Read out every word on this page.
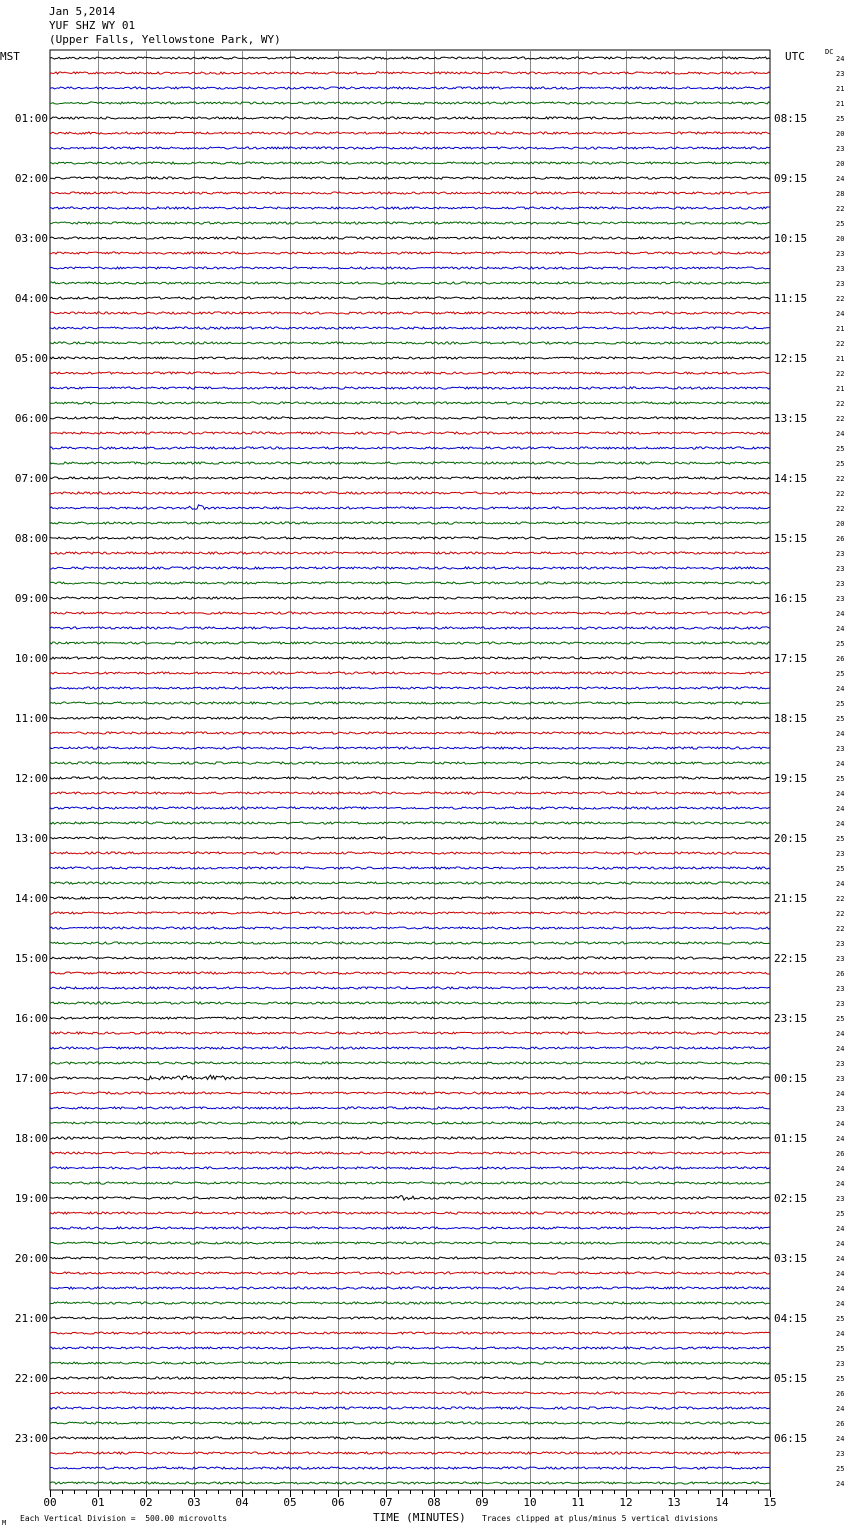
Jan 5,2014
YUF SHZ WY 01
(Upper Falls, Yellowstone Park, WY)
MST	UTC	DC
24
23
21
21
25
20
23
20
24
28
22
25
20
23
23
23
22
24
21
22
21
22
21
22
22
24
25
25
22
22
22
20
26
23
23
23
23
24
24
25
26
25
24
25
25
24
23
24
25
24
24
24
25
23
25
24
22
22
22
23
23
26
23
23
25
24
24
23
23
24
23
24
24
26
24
24
23
25
24
24
24
24
24
24
25
24
25
23
25
26
24
26
24
23
25
24
01:00	08:15
02:00	09:15
03:00	10:15
04:00	11:15
05:00	12:15
06:00	13:15
07:00	14:15
08:00	15:15
09:00	16:15
10:00	17:15
11:00	18:15
12:00	19:15
13:00	20:15
14:00	21:15
15:00	22:15
16:00	23:15
17:00	00:15
18:00	01:15
19:00	02:15
20:00	03:15
21:00	04:15
22:00	05:15
23:00	06:15
00	01	02	03	04	05	06	07	08	09	10	11	12	13	14	15
M Each Vertical Division =  500.00 microvolts	TIME (MINUTES) Traces clipped at plus/minus 5 vertical divisions
